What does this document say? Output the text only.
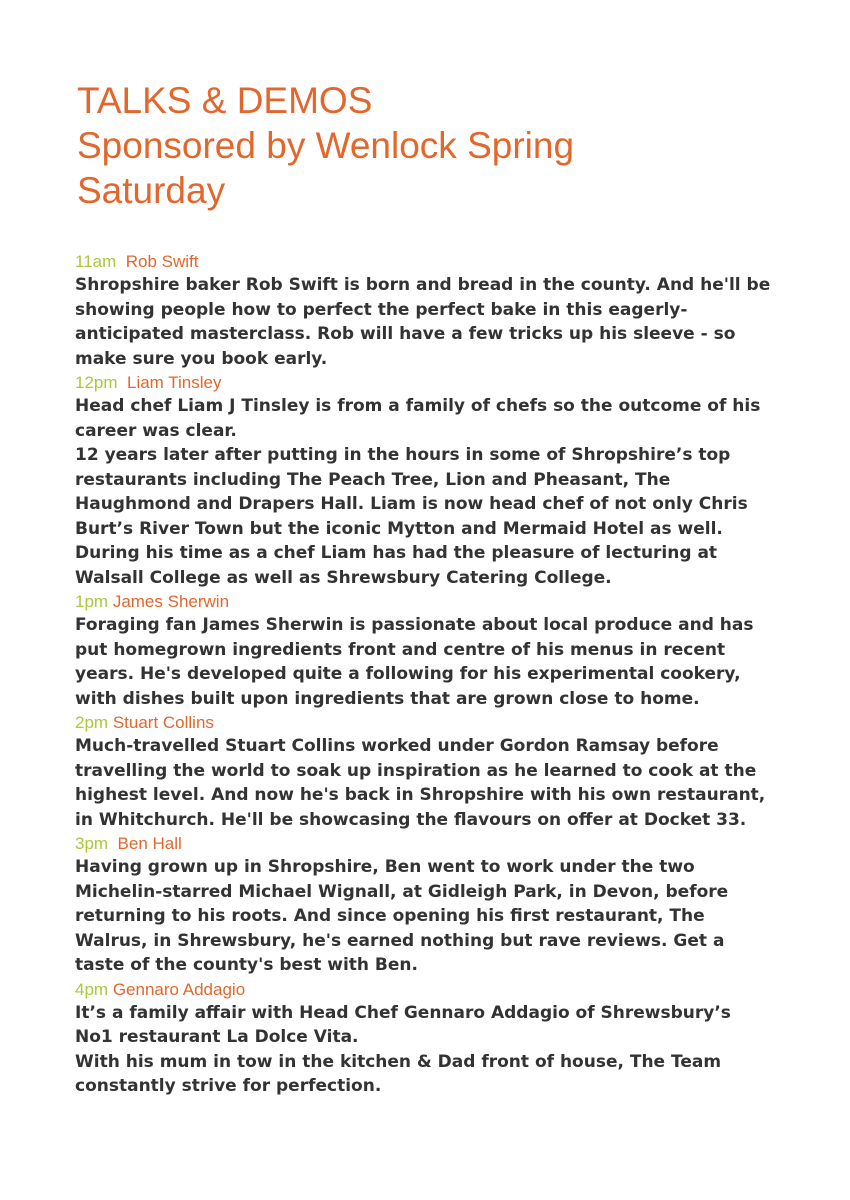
TALKS & DEMOS
Sponsored by Wenlock Spring
Saturday
11am Rob Swift
Shropshire baker Rob Swift is born and bread in the county. And he'll be
showing people how to perfect the perfect bake in this eagerly-
anticipated masterclass. Rob will have a few tricks up his sleeve - so
make sure you book early.
12pm Liam Tinsley
Head chef Liam J Tinsley is from a family of chefs so the outcome of his
career was clear.
12 years later after putting in the hours in some of Shropshire’s top
restaurants including The Peach Tree, Lion and Pheasant, The
Haughmond and Drapers Hall. Liam is now head chef of not only Chris
Burt’s River Town but the iconic Mytton and Mermaid Hotel as well.
During his time as a chef Liam has had the pleasure of lecturing at
Walsall College as well as Shrewsbury Catering College.
1pm James Sherwin
Foraging fan James Sherwin is passionate about local produce and has
put homegrown ingredients front and centre of his menus in recent
years. He's developed quite a following for his experimental cookery,
with dishes built upon ingredients that are grown close to home.
2pm Stuart Collins
Much-travelled Stuart Collins worked under Gordon Ramsay before
travelling the world to soak up inspiration as he learned to cook at the
highest level. And now he's back in Shropshire with his own restaurant,
in Whitchurch. He'll be showcasing the flavours on offer at Docket 33.
3pm Ben Hall
Having grown up in Shropshire, Ben went to work under the two
Michelin-starred Michael Wignall, at Gidleigh Park, in Devon, before
returning to his roots. And since opening his first restaurant, The
Walrus, in Shrewsbury, he's earned nothing but rave reviews. Get a
taste of the county's best with Ben.
4pm Gennaro Addagio
It’s a family affair with Head Chef Gennaro Addagio of Shrewsbury’s
No1 restaurant La Dolce Vita.
With his mum in tow in the kitchen & Dad front of house, The Team
constantly strive for perfection.
